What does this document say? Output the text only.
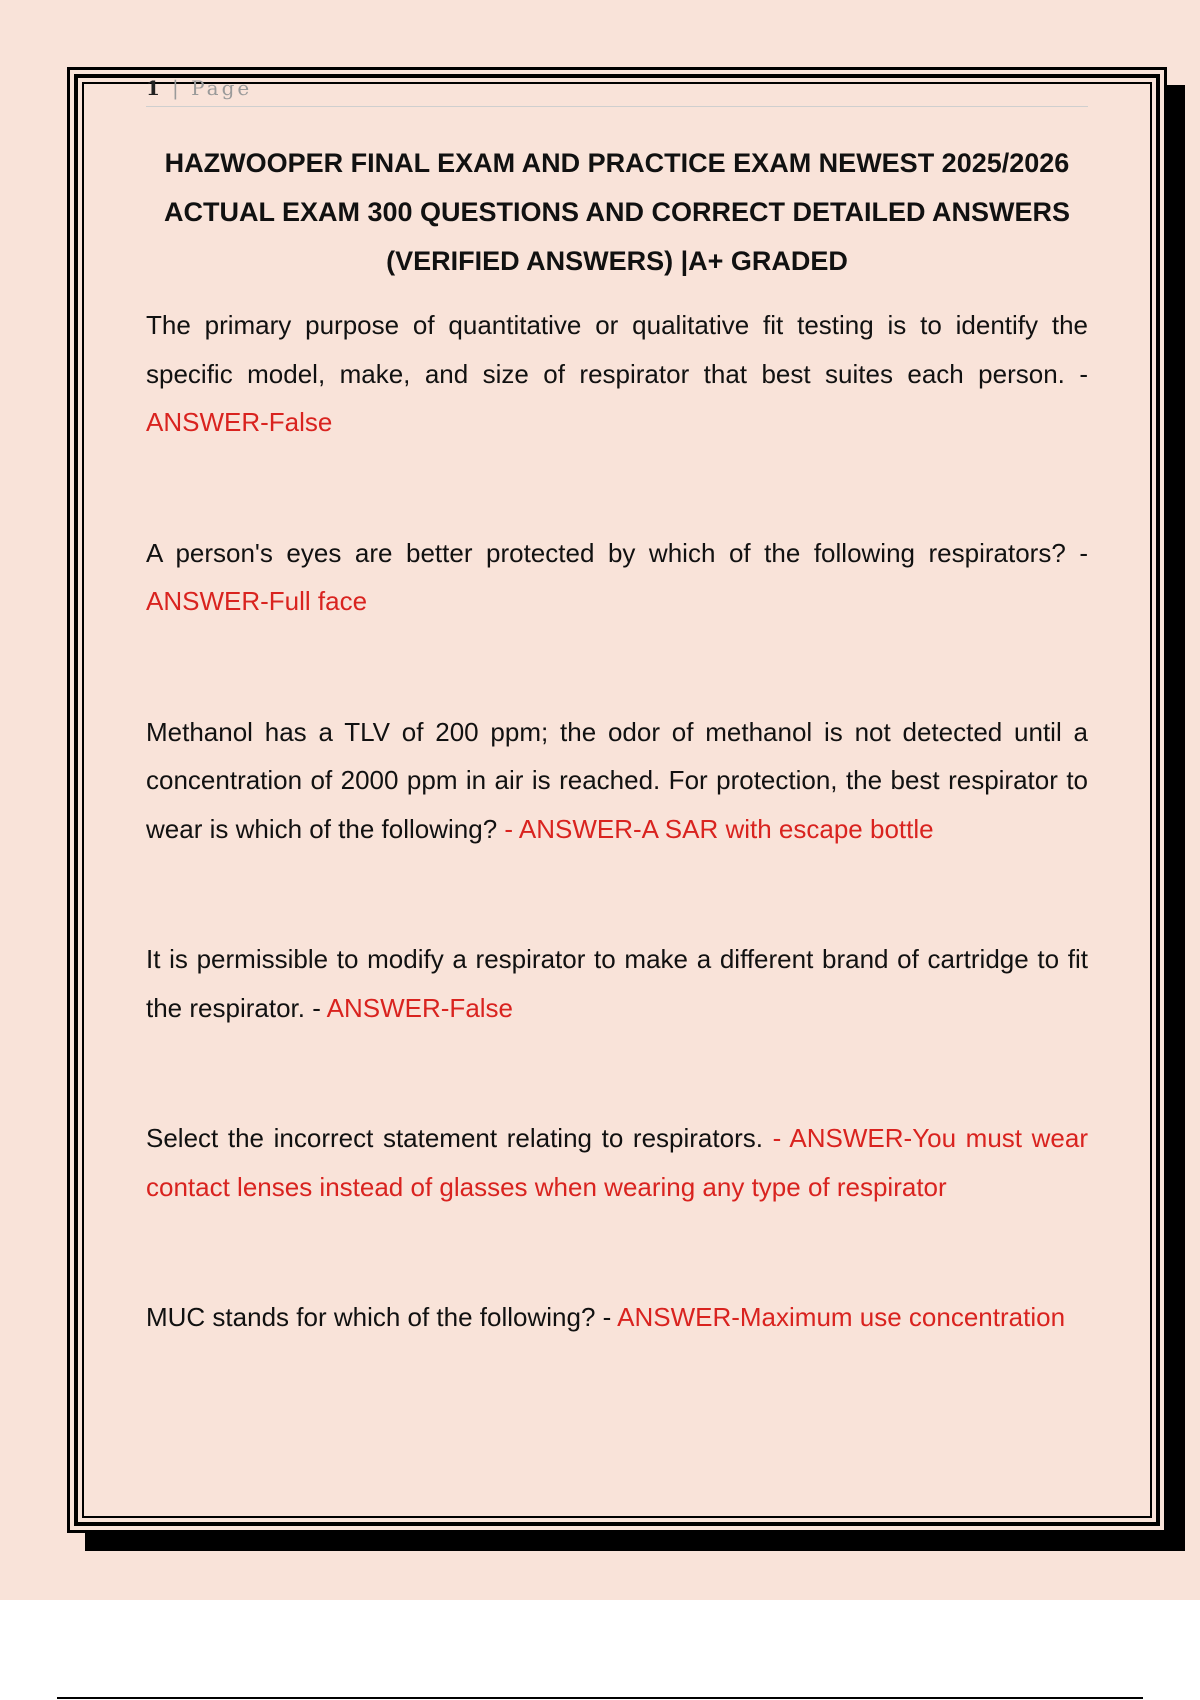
1 | Page
HAZWOOPER FINAL EXAM AND PRACTICE EXAM NEWEST 2025/2026 ACTUAL EXAM 300 QUESTIONS AND CORRECT DETAILED ANSWERS (VERIFIED ANSWERS) |A+ GRADED

The primary purpose of quantitative or qualitative fit testing is to identify the specific model, make, and size of respirator that best suites each person. - ANSWER-False

A person's eyes are better protected by which of the following respirators? - ANSWER-Full face

Methanol has a TLV of 200 ppm; the odor of methanol is not detected until a concentration of 2000 ppm in air is reached. For protection, the best respirator to wear is which of the following? - ANSWER-A SAR with escape bottle

It is permissible to modify a respirator to make a different brand of cartridge to fit the respirator. - ANSWER-False

Select the incorrect statement relating to respirators. - ANSWER-You must wear contact lenses instead of glasses when wearing any type of respirator

MUC stands for which of the following? - ANSWER-Maximum use concentration
